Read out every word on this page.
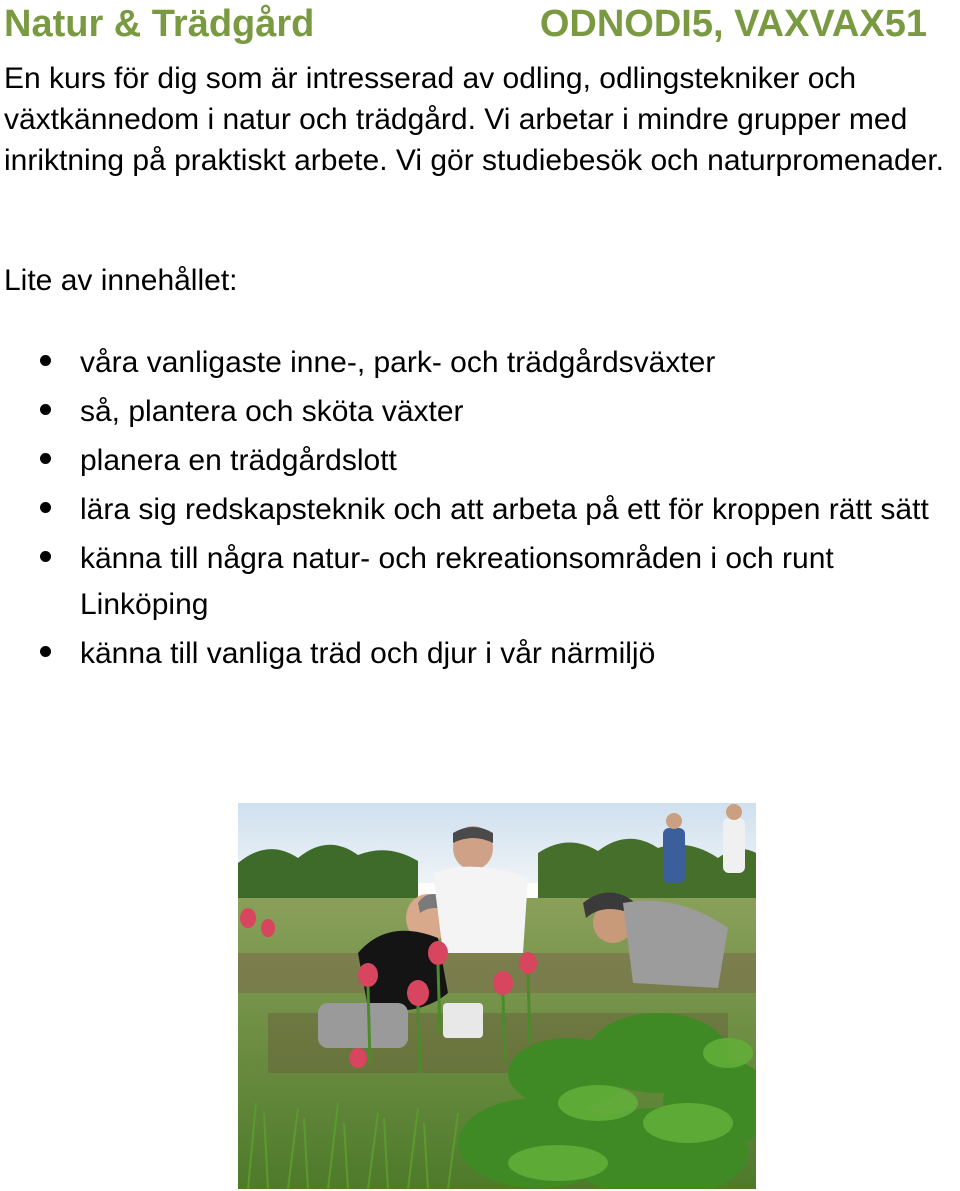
Natur & Trädgård	ODNODI5, VAXVAX51

En kurs för dig som är intresserad av odling, odlingstekniker och växtkännedom i natur och trädgård. Vi arbetar i mindre grupper med inriktning på praktiskt arbete. Vi gör studiebesök och naturpromenader.

Lite av innehållet:

våra vanligaste inne-, park- och trädgårdsväxter
så, plantera och sköta växter
planera en trädgårdslott
lära sig redskapsteknik och att arbeta på ett för kroppen rätt sätt
känna till några natur- och rekreationsområden i och runt Linköping
känna till vanliga träd och djur i vår närmiljö
